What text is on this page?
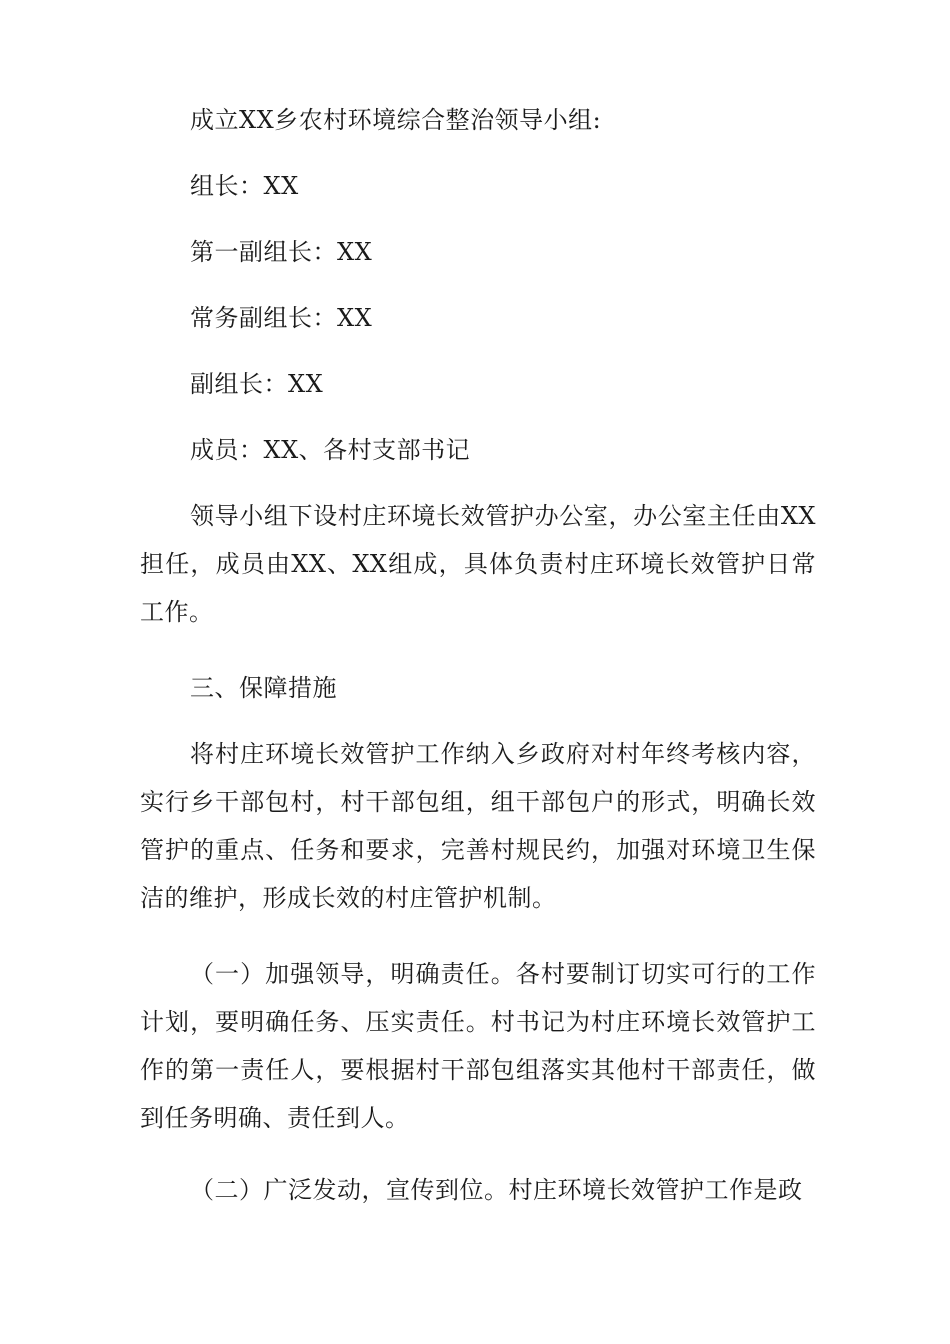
成立XX乡农村环境综合整治领导小组:

组长：XX

第一副组长：XX

常务副组长：XX

副组长：XX

成员：XX、各村支部书记

领导小组下设村庄环境长效管护办公室，办公室主任由XX担任，成员由XX、XX组成，具体负责村庄环境长效管护日常工作。

三、保障措施

将村庄环境长效管护工作纳入乡政府对村年终考核内容，实行乡干部包村，村干部包组，组干部包户的形式，明确长效管护的重点、任务和要求，完善村规民约，加强对环境卫生保洁的维护，形成长效的村庄管护机制。

（一）加强领导，明确责任。各村要制订切实可行的工作计划，要明确任务、压实责任。村书记为村庄环境长效管护工作的第一责任人，要根据村干部包组落实其他村干部责任，做到任务明确、责任到人。

（二）广泛发动，宣传到位。村庄环境长效管护工作是政
